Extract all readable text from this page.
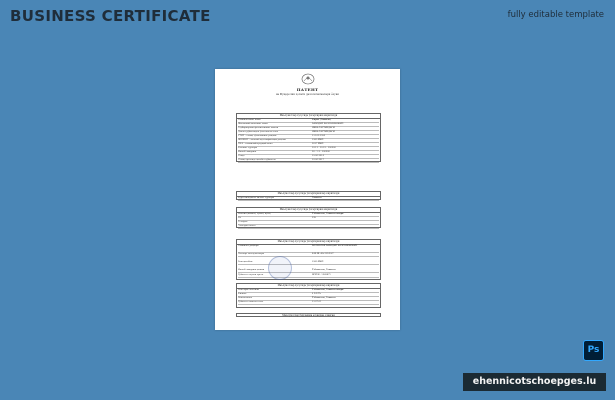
BUSINESS CERTIFICATE	fully editable template
ПАТЕНТ
ва Фуқаролик ҳолати далолатномалари ёзуви
Маълумотлар хусусида ўзгартириш киритилди
Ташкилотнинг номи	Фирма (Тошкент)
Жисмоний шахснинг номи	БАХОДИР ХОЛСОВЕКОВИЧ
Тадбиркорлик фаолиятининг шакли	ЯККА ТАРТИБДАГИ
Давлат рўйхатидан ўтказилган сана	ЯККА ТАРТИБДАГИ
СТИР – солиқ тўловчининг рақами	11.102.1992
ЖШШИР – шахсий идентификация рақами	1989 ЙИЛ
ТИФ – ташкилий-ҳуқуқий шакл	2017 ЙИЛ
Фаолият турлари	10.11 · 10.12 · 100000
Ишлаб чиқариш	20 · 5.2 · 100000
Савдо	19.06.2014
Солиқ органида ҳисобга қўйилган	10.06.2017
Маълумотлар хусусида ўзгартиришлар киритилди
Кўрсатиладиган хизмат турлари	Тошкент
Маълумотлар хусусида ўзгартириш киритилди
Манзил (вилоят, туман, кўча)	Ўзбекистон, Тошкент шаҳри
Уй	239
Телефон
Электрон почта
Маълумотлар хусусида ўзгартиришлар киритилди
Ташкилот раҳбари	ХОЛМАТОВ БАХОДИР ХОЛСОВЕКОВИЧ
Паспорт маълумотлари	Ф.И.Ш. АА 1234567
Бош ҳисобчи	1989 ЙИЛ
Ишлаб чиқариш ҳажми	Ўзбекистон, Тошкент
Рўйхатга олувчи орган	ВРУЕК · 5268875
Маълумотлар хусусида ўзгартиришлар киритилди
Бош офис манзили	Ўзбекистон, Тошкент шаҳри
Филиал	4 Б.Б.Ўз
Ваколатхона	Ўзбекистон, Тошкент
Рўйхатга олинган сана	11.07.05
Маълумотлар бирлашма ёзувидан олинган
Ps
ehennicotschoepges.lu
